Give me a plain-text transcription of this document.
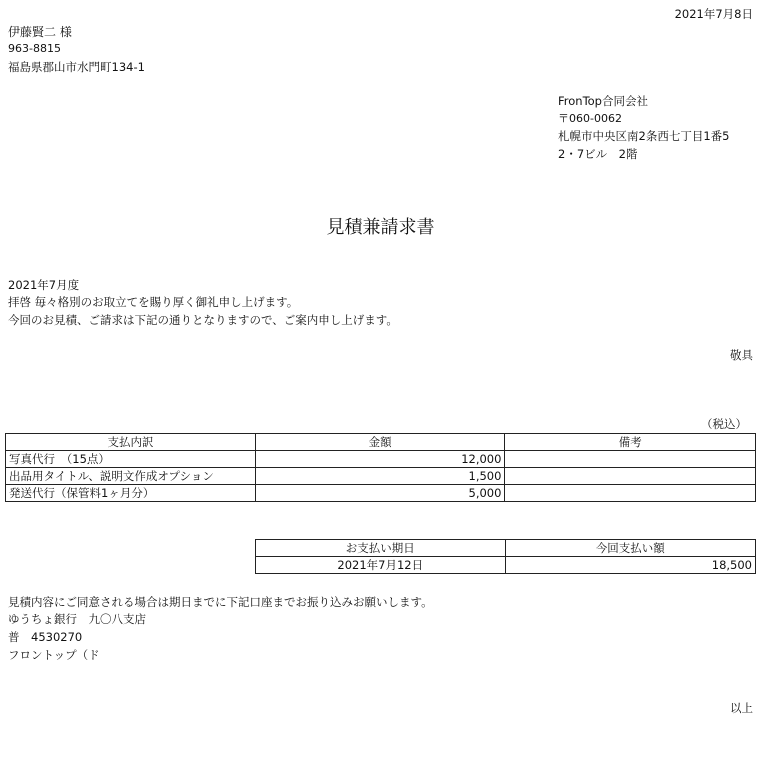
2021年7月8日
伊藤賢二 様
963-8815
福島県郡山市水門町134-1
FronTop合同会社
〒060-0062
札幌市中央区南2条西七丁目1番5
2・7ビル　2階
見積兼請求書
2021年7月度
拝啓 毎々格別のお取立てを賜り厚く御礼申し上げます。
今回のお見積、ご請求は下記の通りとなりますので、ご案内申し上げます。
敬具
（税込）
支払内訳	金額	備考
写真代行　（15点）	12,000	
出品用タイトル、説明文作成オプション	1,500	
発送代行（保管料1ヶ月分）	5,000	
お支払い期日	今回支払い額
2021年7月12日	18,500
見積内容にご同意される場合は期日までに下記口座までお振り込みお願いします。
ゆうちょ銀行　九〇八支店
普　4530270
フロントップ（ド
以上
